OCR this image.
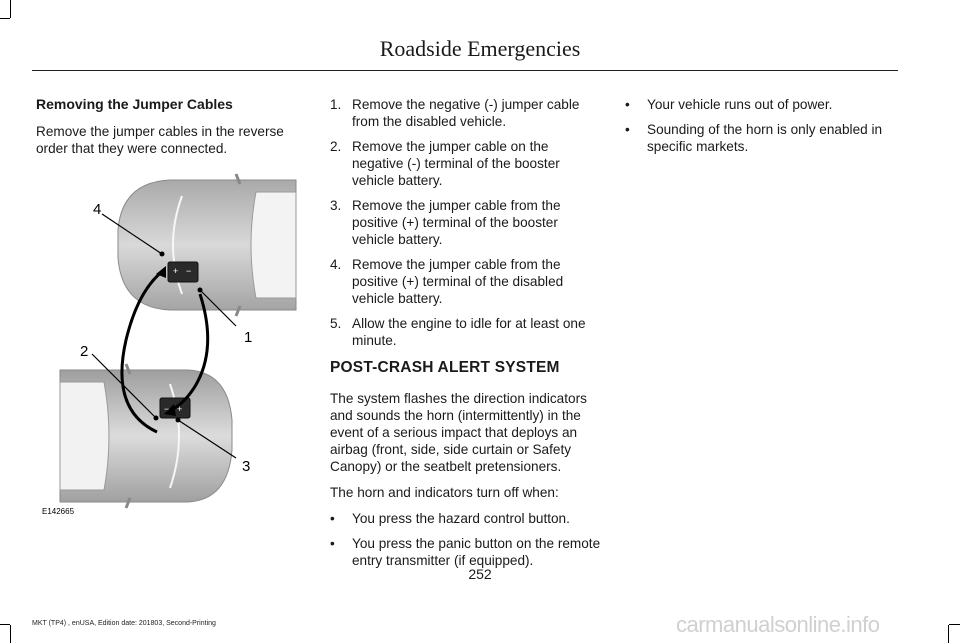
Roadside Emergencies
Removing the Jumper Cables

Remove the jumper cables in the reverse order that they were connected.

+ −
− +
4
1
2
3
E142665
1. Remove the negative (-) jumper cable from the disabled vehicle.
2. Remove the jumper cable on the negative (-) terminal of the booster vehicle battery.
3. Remove the jumper cable from the positive (+) terminal of the booster vehicle battery.
4. Remove the jumper cable from the positive (+) terminal of the disabled vehicle battery.
5. Allow the engine to idle for at least one minute.
POST-CRASH ALERT SYSTEM

The system flashes the direction indicators and sounds the horn (intermittently) in the event of a serious impact that deploys an airbag (front, side, side curtain or Safety Canopy) or the seatbelt pretensioners.

The horn and indicators turn off when:

• You press the hazard control button.
• You press the panic button on the remote entry transmitter (if equipped).
• Your vehicle runs out of power.
• Sounding of the horn is only enabled in specific markets.
252
MKT (TP4) , enUSA, Edition date: 201803, Second-Printing	carmanualsonline.info
